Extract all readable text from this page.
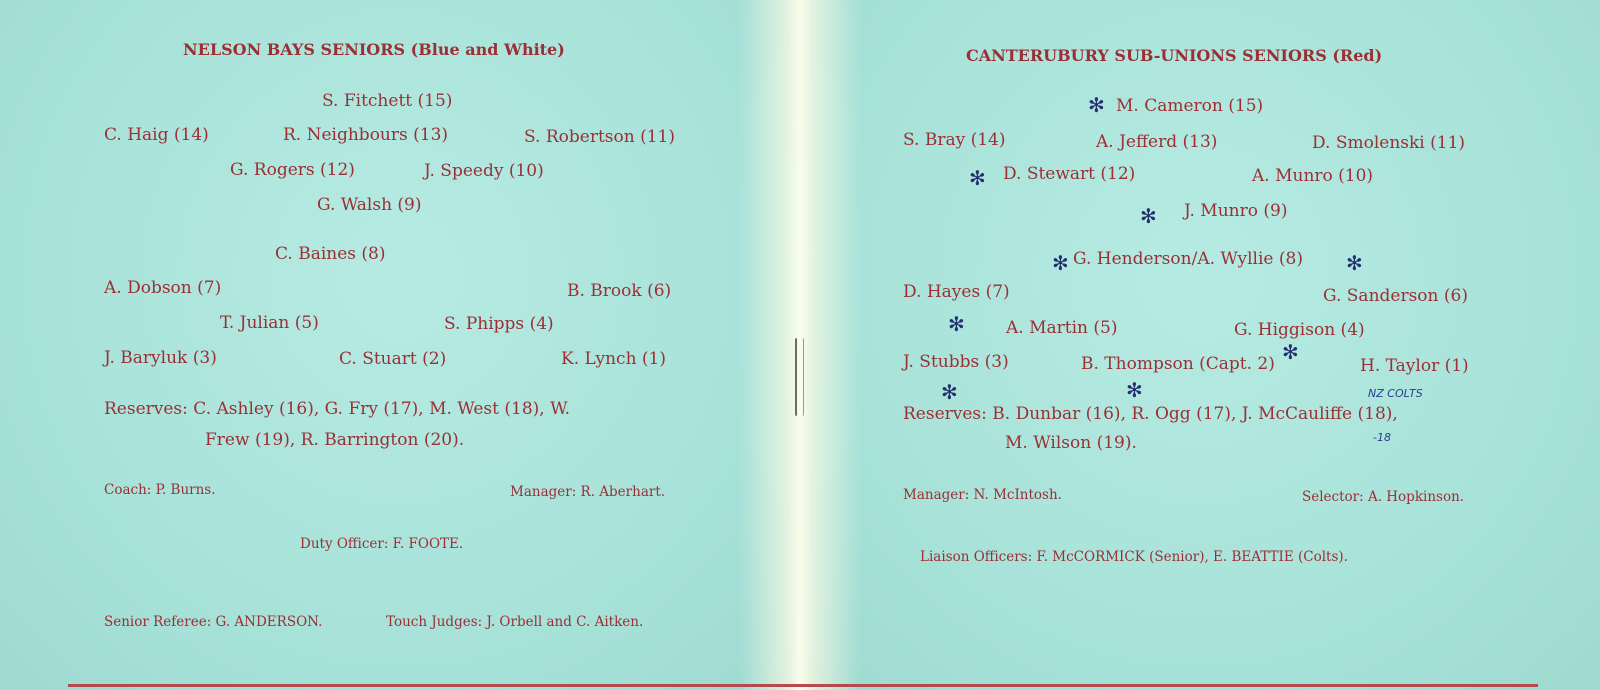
NELSON BAYS SENIORS (Blue and White)
S. Fitchett (15)
C. Haig (14)	R. Neighbours (13)	S. Robertson (11)
G. Rogers (12)	J. Speedy (10)
G. Walsh (9)
C. Baines (8)
A. Dobson (7)	B. Brook (6)
T. Julian (5)	S. Phipps (4)
J. Baryluk (3)	C. Stuart (2)	K. Lynch (1)
Reserves: C. Ashley (16), G. Fry (17), M. West (18), W.
Frew (19), R. Barrington (20).
Coach: P. Burns.	Manager: R. Aberhart.
Duty Officer: F. FOOTE.
Senior Referee: G. ANDERSON.	Touch Judges: J. Orbell and C. Aitken.
CANTERUBURY SUB-UNIONS SENIORS (Red)
M. Cameron (15)
S. Bray (14)	A. Jefferd (13)	D. Smolenski (11)
D. Stewart (12)	A. Munro (10)
J. Munro (9)
G. Henderson/A. Wyllie (8)
D. Hayes (7)	G. Sanderson (6)
A. Martin (5)	G. Higgison (4)
J. Stubbs (3)	B. Thompson (Capt. 2)	H. Taylor (1)
Reserves: B. Dunbar (16), R. Ogg (17), J. McCauliffe (18),
M. Wilson (19).
Manager: N. McIntosh.	Selector: A. Hopkinson.
Liaison Officers: F. McCORMICK (Senior), E. BEATTIE (Colts).
✻
✻
✻
✻	✻
✻
✻
✻	✻	NZ COLTS
-18
